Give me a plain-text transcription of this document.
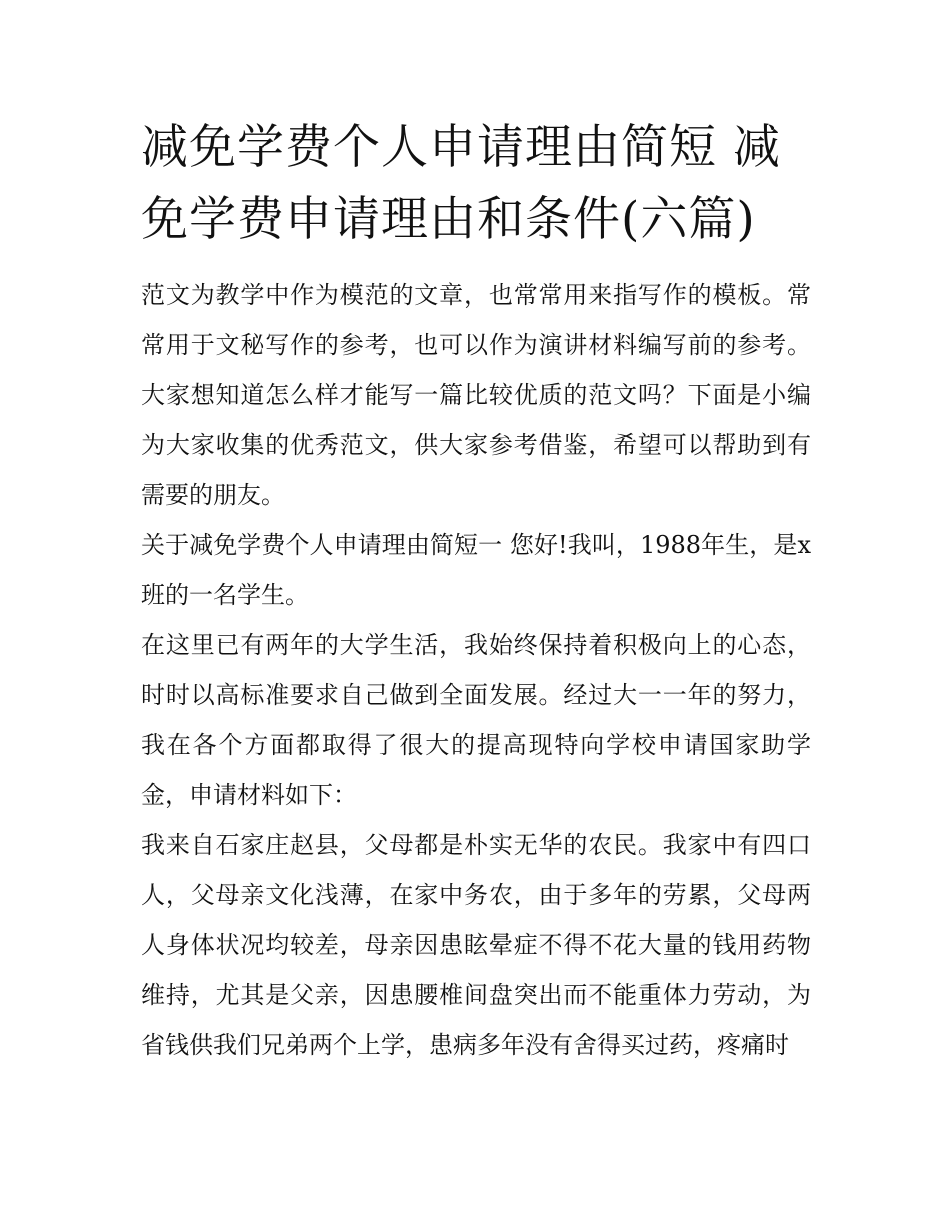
减免学费个人申请理由简短 减免学费申请理由和条件(六篇)

范文为教学中作为模范的文章，也常常用来指写作的模板。常常用于文秘写作的参考，也可以作为演讲材料编写前的参考。大家想知道怎么样才能写一篇比较优质的范文吗？下面是小编为大家收集的优秀范文，供大家参考借鉴，希望可以帮助到有需要的朋友。

关于减免学费个人申请理由简短一 您好!我叫，1988年生，是x班的一名学生。

在这里已有两年的大学生活，我始终保持着积极向上的心态，时时以高标准要求自己做到全面发展。经过大一一年的努力，我在各个方面都取得了很大的提高现特向学校申请国家助学金，申请材料如下：

我来自石家庄赵县，父母都是朴实无华的农民。我家中有四口人，父母亲文化浅薄，在家中务农，由于多年的劳累，父母两人身体状况均较差，母亲因患眩晕症不得不花大量的钱用药物维持，尤其是父亲，因患腰椎间盘突出而不能重体力劳动，为省钱供我们兄弟两个上学，患病多年没有舍得买过药，疼痛时
